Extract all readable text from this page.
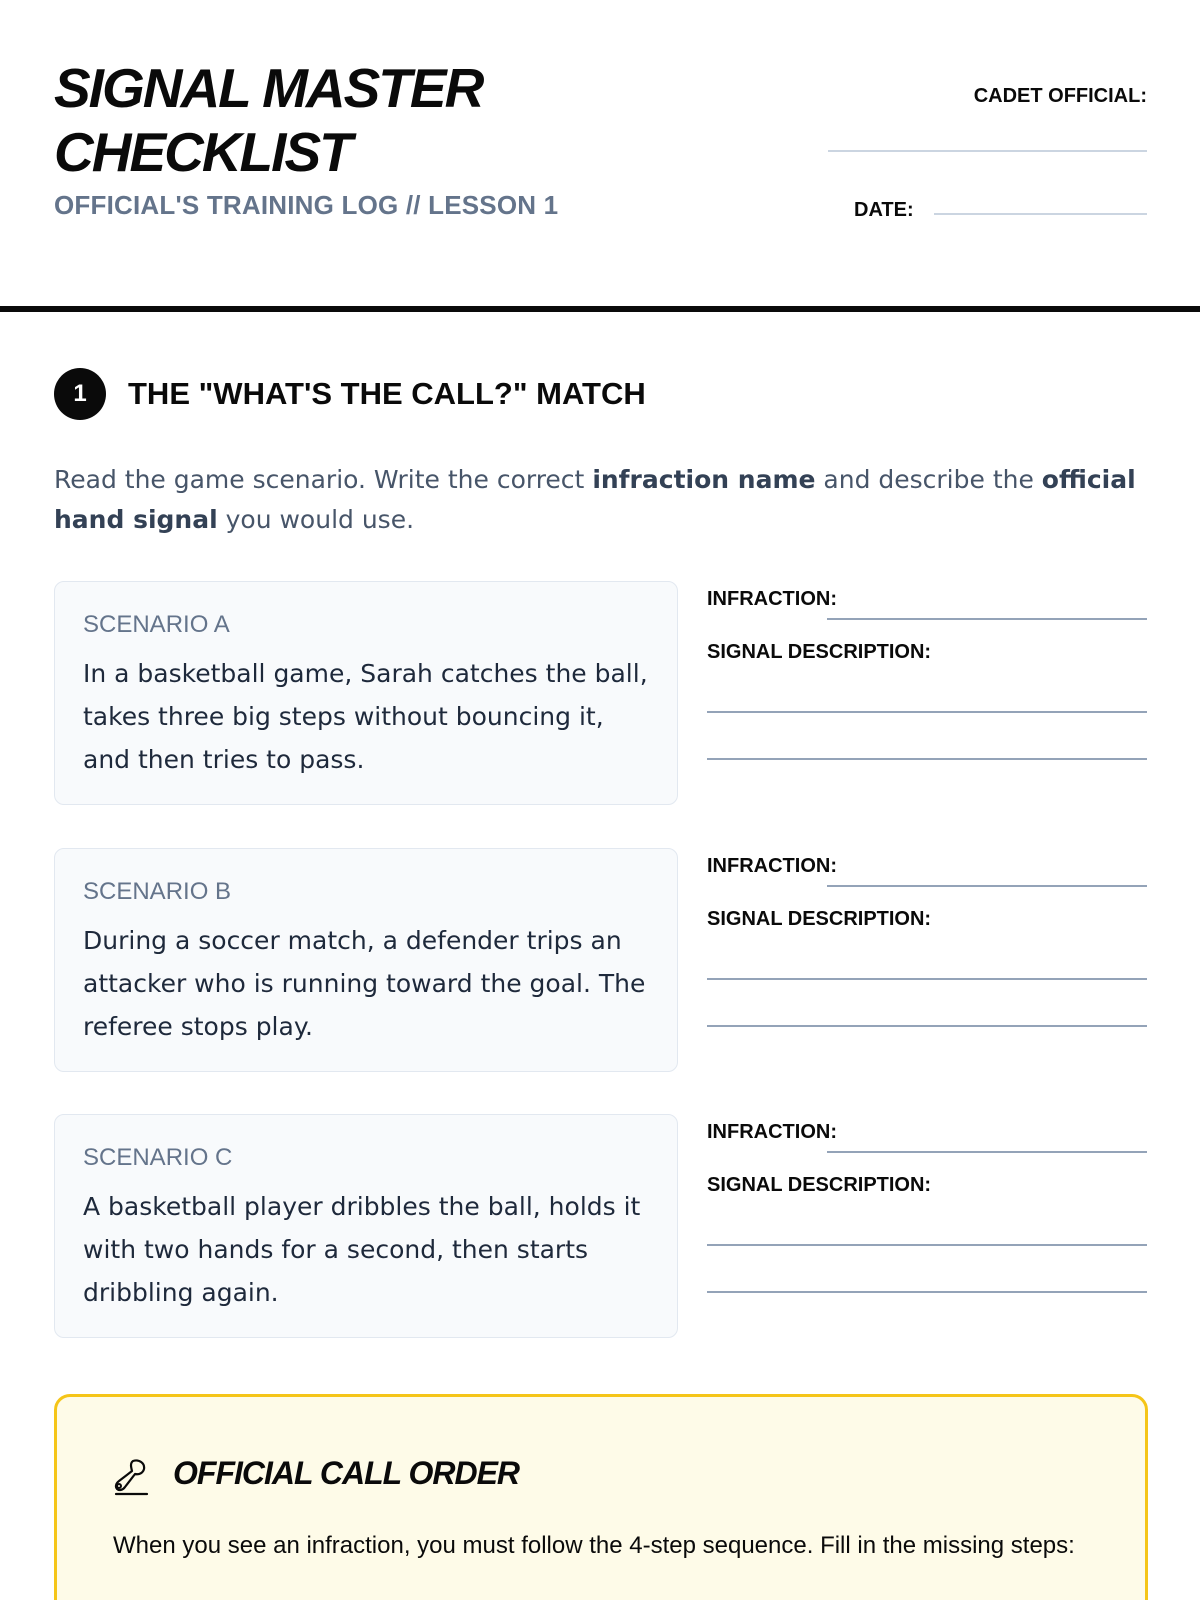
SIGNAL MASTER
CHECKLIST
OFFICIAL'S TRAINING LOG // LESSON 1
CADET OFFICIAL:
DATE:
1	THE "WHAT'S THE CALL?" MATCH
Read the game scenario. Write the correct infraction name and describe the official hand signal you would use.

SCENARIO A

In a basketball game, Sarah catches the ball, takes three big steps without bouncing it, and then tries to pass.

INFRACTION:
SIGNAL DESCRIPTION:

SCENARIO B

During a soccer match, a defender trips an attacker who is running toward the goal. The referee stops play.

INFRACTION:
SIGNAL DESCRIPTION:

SCENARIO C

A basketball player dribbles the ball, holds it with two hands for a second, then starts dribbling again.

INFRACTION:
SIGNAL DESCRIPTION:
OFFICIAL CALL ORDER
When you see an infraction, you must follow the 4-step sequence. Fill in the missing steps:
